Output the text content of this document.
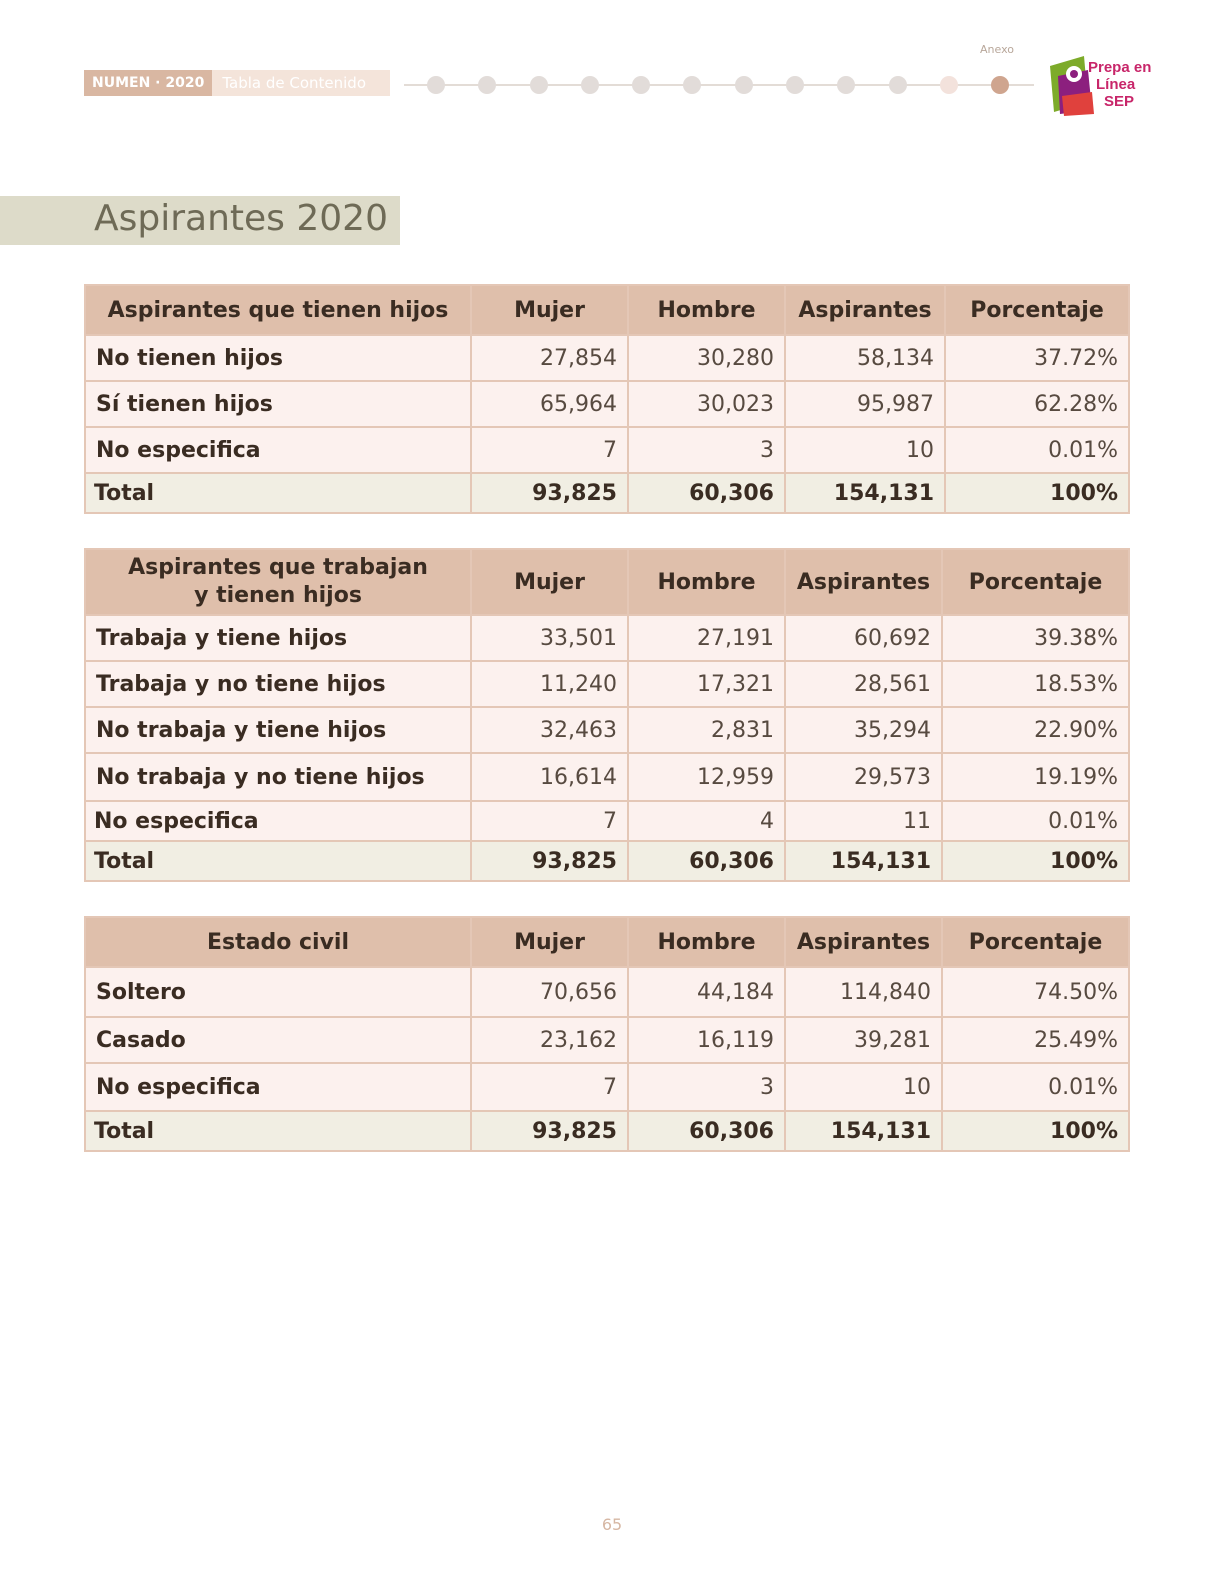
NUMEN · 2020	Tabla de Contenido
Anexo
Prepa en
Línea
SEP
Aspirantes 2020
Aspirantes que tienen hijos	Mujer	Hombre	Aspirantes	Porcentaje
No tienen hijos	27,854	30,280	58,134	37.72%
Sí tienen hijos	65,964	30,023	95,987	62.28%
No especifica	7	3	10	0.01%
Total	93,825	60,306	154,131	100%
Aspirantes que trabajan
y tienen hijos	Mujer	Hombre	Aspirantes	Porcentaje
Trabaja y tiene hijos	33,501	27,191	60,692	39.38%
Trabaja y no tiene hijos	11,240	17,321	28,561	18.53%
No trabaja y tiene hijos	32,463	2,831	35,294	22.90%
No trabaja y no tiene hijos	16,614	12,959	29,573	19.19%
No especifica	7	4	11	0.01%
Total	93,825	60,306	154,131	100%
Estado civil	Mujer	Hombre	Aspirantes	Porcentaje
Soltero	70,656	44,184	114,840	74.50%
Casado	23,162	16,119	39,281	25.49%
No especifica	7	3	10	0.01%
Total	93,825	60,306	154,131	100%
65
